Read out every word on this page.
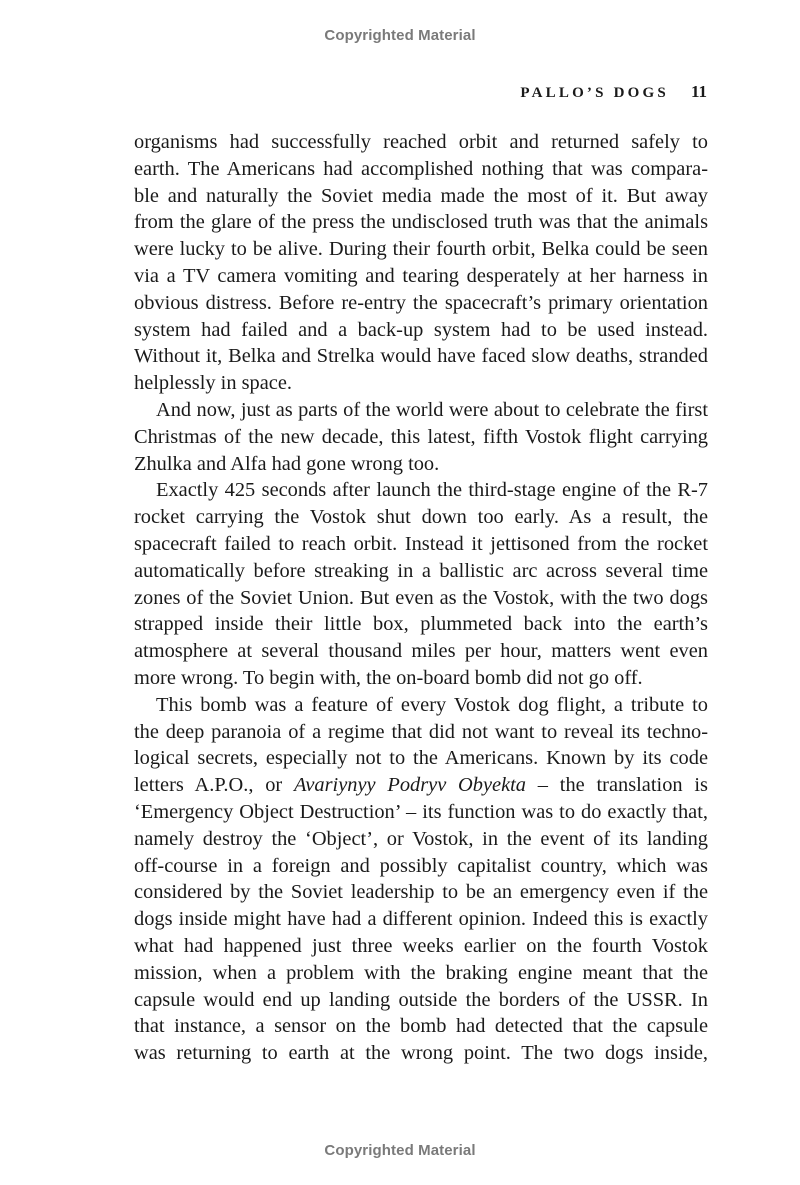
Copyrighted Material
PALLO’S DOGS 11

organisms had successfully reached orbit and returned safely to
earth. The Americans had accomplished nothing that was compara-
ble and naturally the Soviet media made the most of it. But away
from the glare of the press the undisclosed truth was that the animals
were lucky to be alive. During their fourth orbit, Belka could be seen
via a TV camera vomiting and tearing desperately at her harness in
obvious distress. Before re-entry the spacecraft’s primary orientation
system had failed and a back-up system had to be used instead.
Without it, Belka and Strelka would have faced slow deaths, stranded
helplessly in space.

And now, just as parts of the world were about to celebrate the first
Christmas of the new decade, this latest, fifth Vostok flight carrying
Zhulka and Alfa had gone wrong too.

Exactly 425 seconds after launch the third-stage engine of the R-7
rocket carrying the Vostok shut down too early. As a result, the
spacecraft failed to reach orbit. Instead it jettisoned from the rocket
automatically before streaking in a ballistic arc across several time
zones of the Soviet Union. But even as the Vostok, with the two dogs
strapped inside their little box, plummeted back into the earth’s
atmosphere at several thousand miles per hour, matters went even
more wrong. To begin with, the on-board bomb did not go off.

This bomb was a feature of every Vostok dog flight, a tribute to
the deep paranoia of a regime that did not want to reveal its techno-
logical secrets, especially not to the Americans. Known by its code
letters A.P.O., or Avariynyy Podryv Obyekta – the translation is
‘Emergency Object Destruction’ – its function was to do exactly that,
namely destroy the ‘Object’, or Vostok, in the event of its landing
off-course in a foreign and possibly capitalist country, which was
considered by the Soviet leadership to be an emergency even if the
dogs inside might have had a different opinion. Indeed this is exactly
what had happened just three weeks earlier on the fourth Vostok
mission, when a problem with the braking engine meant that the
capsule would end up landing outside the borders of the USSR. In
that instance, a sensor on the bomb had detected that the capsule
was returning to earth at the wrong point. The two dogs inside,

Copyrighted Material
